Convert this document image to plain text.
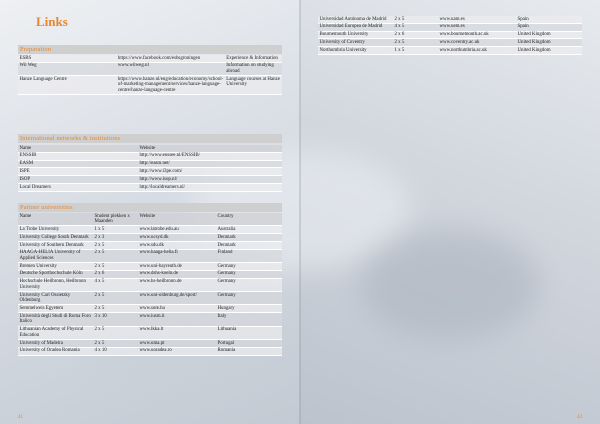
Links
Preparation
ESBS	https://www.facebook.com/esbsgroningen	Experience & Information
Wil Weg	www.wilweg.nl	Information on studying abroad
Hanze Language Centre	https://www.hanze.nl/eng/education/economy/school-of-marketing-management/services/hanze-language-centre/hanze-language-centre	Language courses at Hanze University
International networks & institutions
Name	Website
ENSSIB	http://www.enssee.nl/ENSSIB/
EASM	http://easm.net/
ISPE	http://www.i3pe.com/
ISOP	http://www.isop.nl/
Local Dreamers	http://localdreamers.nl/
Partner universities
Name	Student plekken x Maanden	Website	Country
La Trobe University	1 x 5	www.latrobe.edu.au	Australia
University College South Denmark	2 x 3	www.ucsyd.dk	Denmark
University of Southern Denmark	2 x 5	www.sdu.dk	Denmark
HAAGA-HELIA University of Applied Sciences	2 x 5	www.haaga-helia.fi	Finland
Bremen University	2 x 5	www.uni-bayreuth.de	Germany
Deutsche Sporthochschule Köln	2 x 6	www.dshs-koeln.de	Germany
Hochschule Heilbronn, Heilbronn University	4 x 5	www.hs-heilbronn.de	Germany
University Carl Ossietzky Oldenburg	2 x 5	www.uni-oldenburg.de/sport/	Germany
Semmelweis Egyetem	2 x 5	www.sote.hu	Hungary
Università degli Studi di Roma Foro Italico	3 x 10	www.iusm.it	Italy
Lithuanian Academy of Physical Education	2 x 5	www.lkka.lt	Lithuania
University of Madeira	2 x 5	www.uma.pt	Portugal
University of Oradea Romania	4 x 10	www.uoradea.ro	Romania
Universidad Autónoma de Madrid	2 x 5	www.uam.es	Spain
Universidad Europea de Madrid	4 x 5	www.uem.es	Spain
Bournemouth University	2 x 6	www.bournemouth.ac.uk	United Kingdom
University of Coventry	2 x 5	www.coventry.ac.uk	United Kingdom
Northumbria University	1 x 5	www.northumbria.ac.uk	United Kingdom
41	42
